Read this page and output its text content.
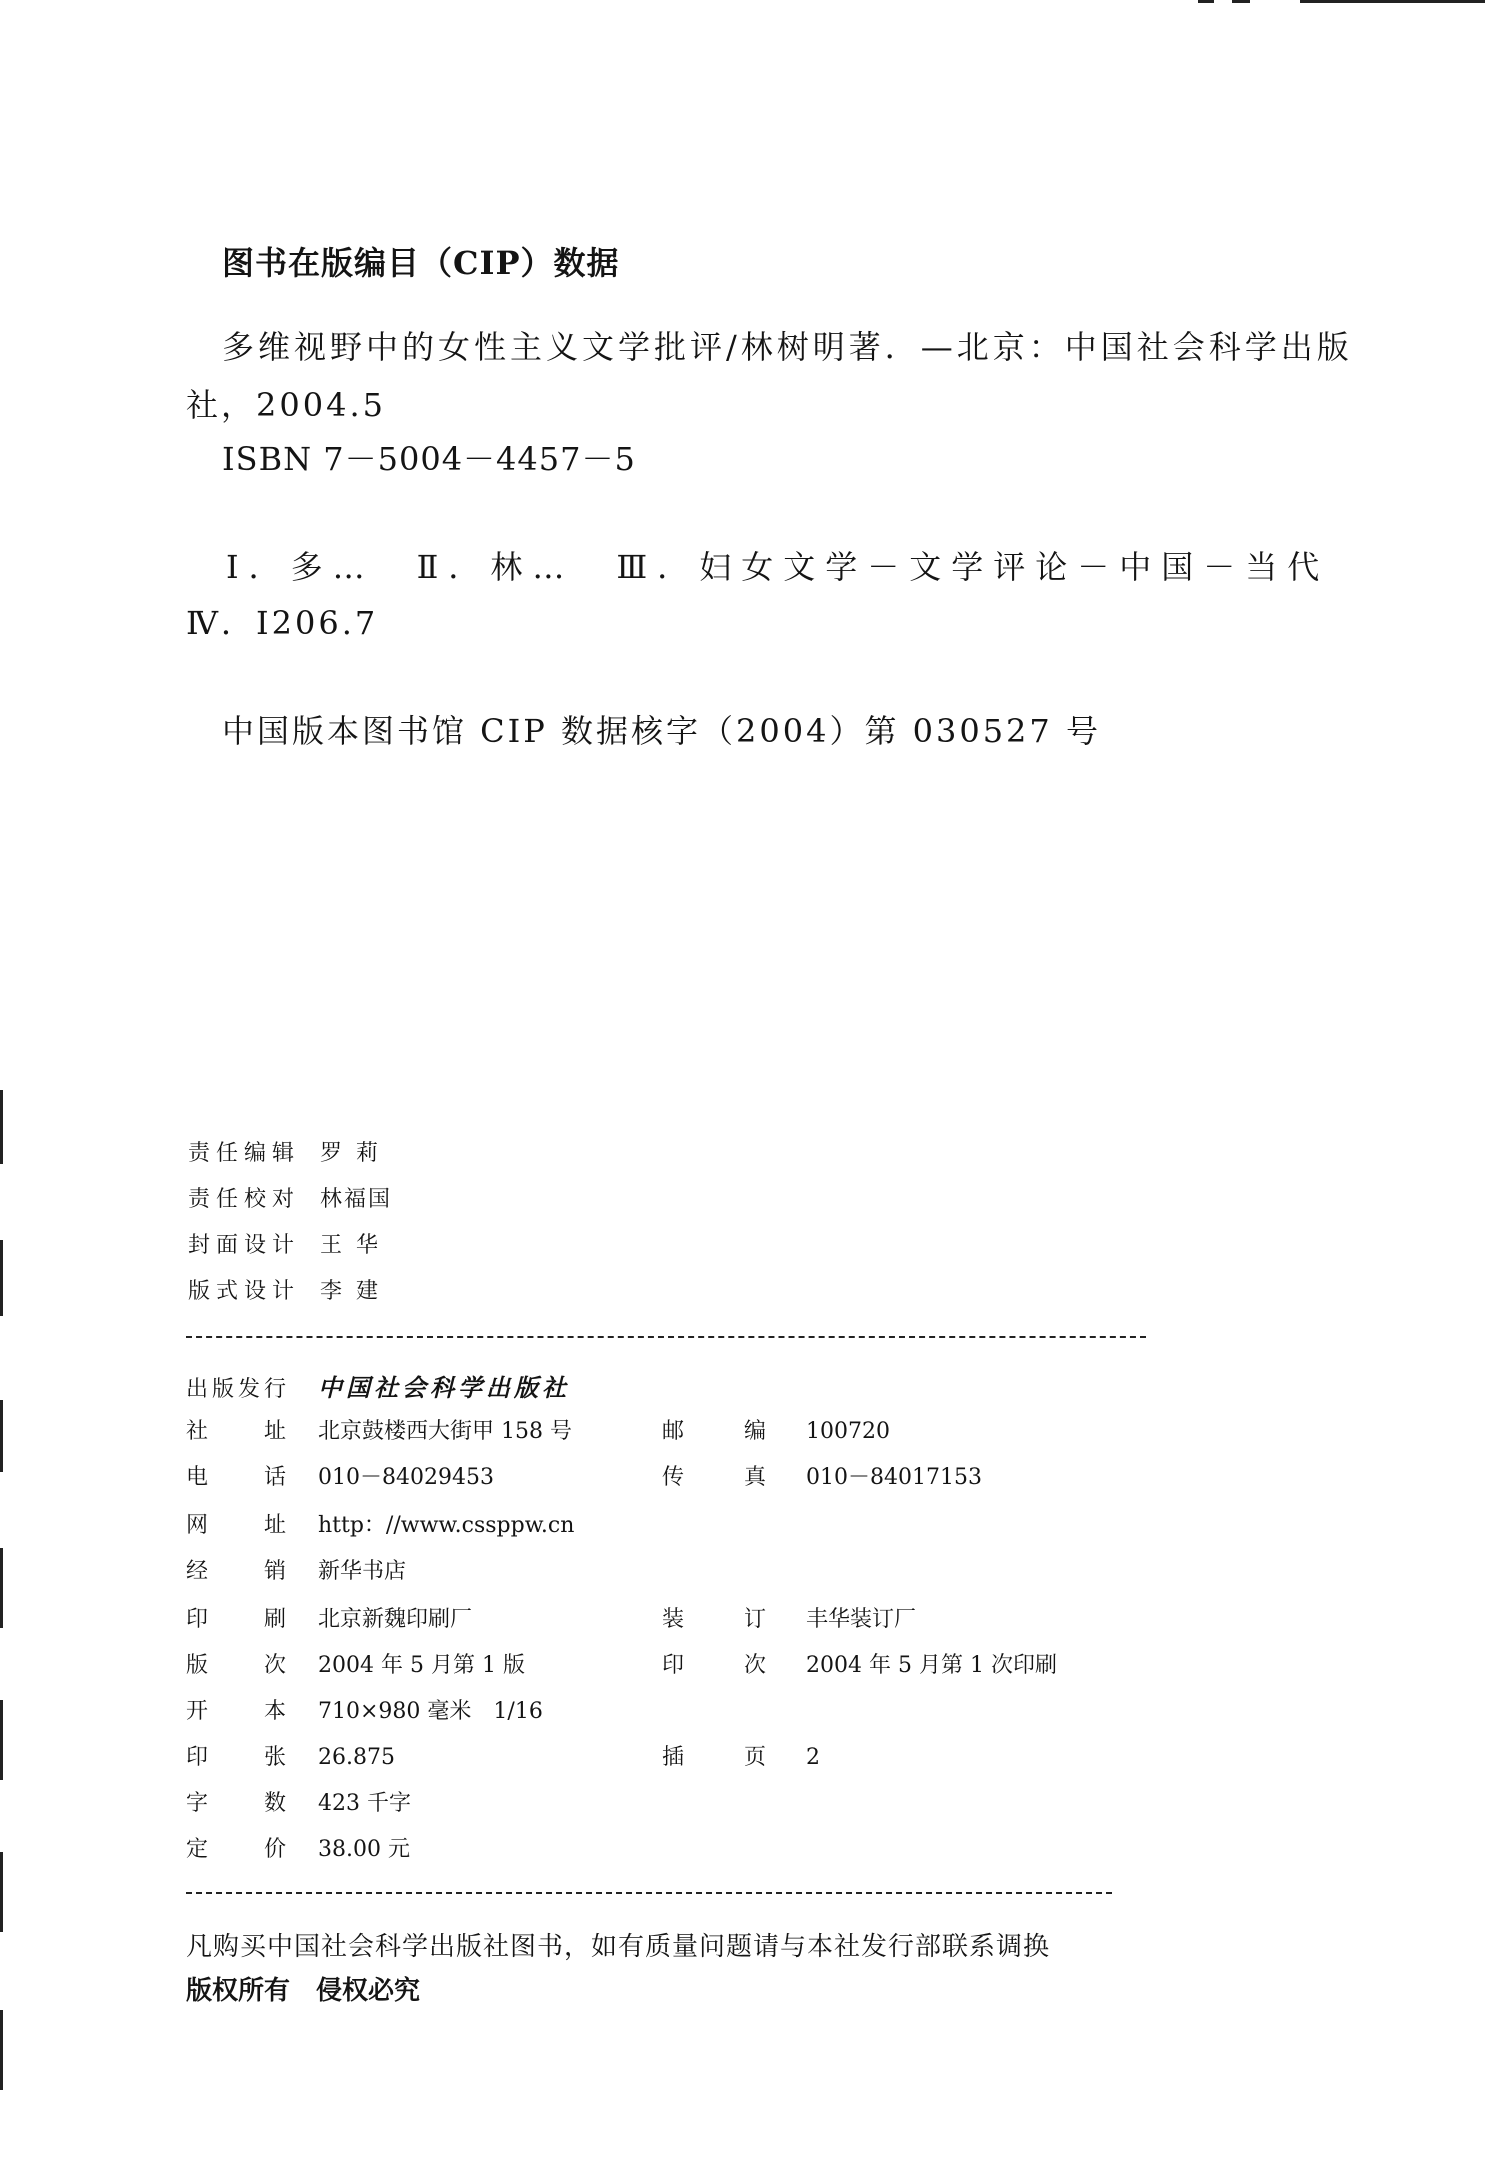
图书在版编目（CIP）数据
多维视野中的女性主义文学批评/林树明著．—北京：中国社会科学出版
社，2004.5
ISBN 7－5004－4457－5
Ⅰ．多…　Ⅱ．林…　Ⅲ．妇女文学－文学评论－中国－当代
Ⅳ．I206.7
中国版本图书馆 CIP 数据核字（2004）第 030527 号
责任编辑 罗莉
责任校对 林福国
封面设计 王华
版式设计 李建
出版发行	中国社会科学出版社
社	址 北京鼓楼西大街甲 158 号	邮	编 100720
电	话 010－84029453	传	真 010－84017153
网	址 http：//www.cssppw.cn
经	销 新华书店
印	刷 北京新魏印刷厂	装	订 丰华装订厂
版	次 2004 年 5 月第 1 版	印	次 2004 年 5 月第 1 次印刷
开	本 710×980 毫米　1/16
印	张 26.875	插	页 2
字	数 423 千字
定	价 38.00 元
凡购买中国社会科学出版社图书，如有质量问题请与本社发行部联系调换
版权所有　侵权必究
